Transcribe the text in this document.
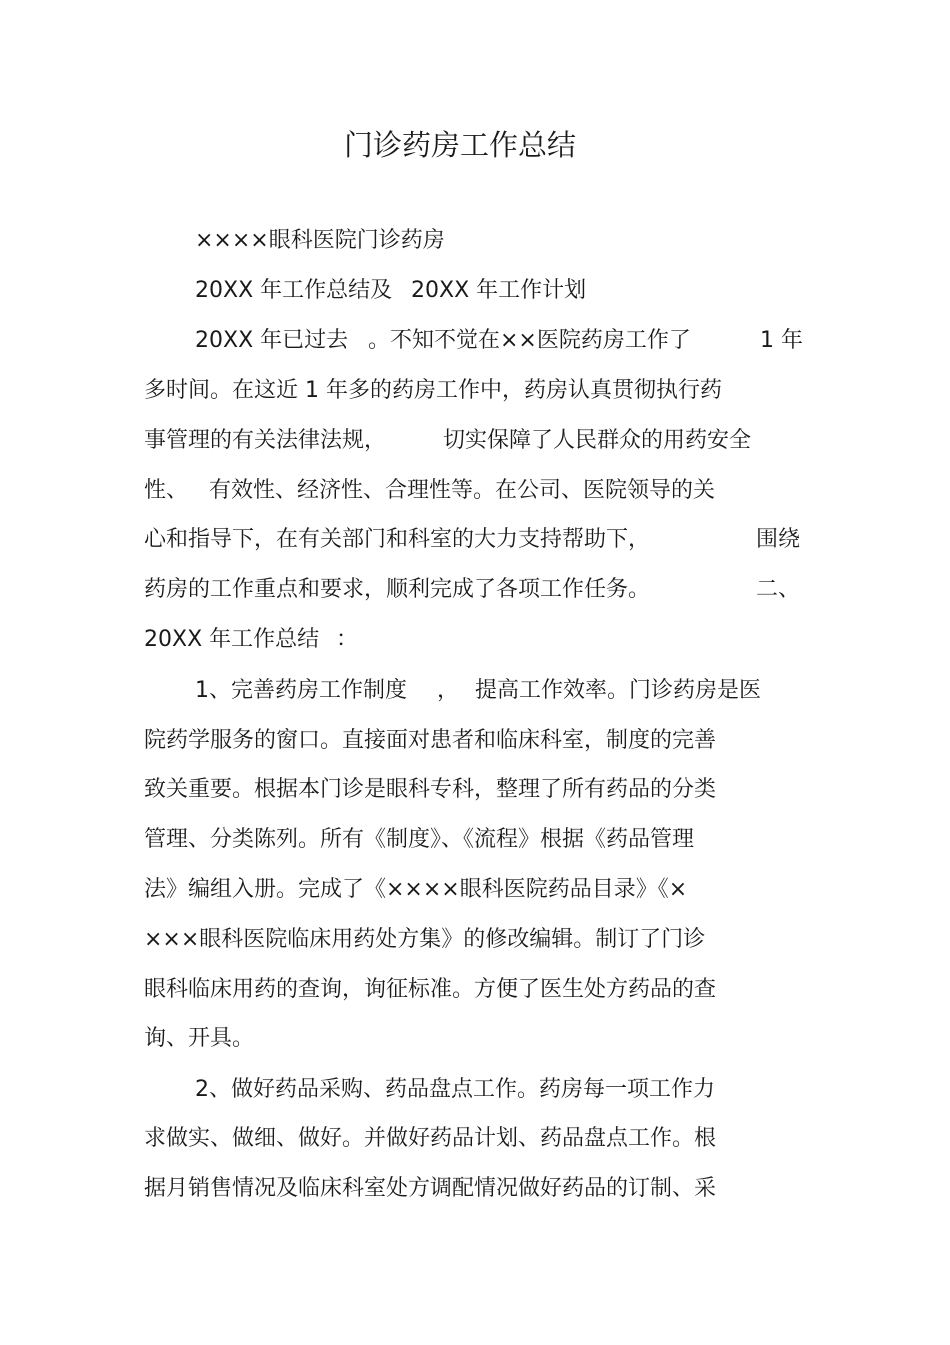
门诊药房工作总结
××××眼科医院门诊药房
20XX 年工作总结及 20XX 年工作计划
20XX 年已过去 。不知不觉在××医院药房工作了	1 年
多时间。在这近 1 年多的药房工作中，药房认真贯彻执行药
事管理的有关法律法规，	切实保障了人民群众的用药安全
性、 有效性、经济性、合理性等。在公司、医院领导的关
心和指导下，在有关部门和科室的大力支持帮助下，	围绕
药房的工作重点和要求，顺利完成了各项工作任务。	二、
20XX 年工作总结 ：
1、完善药房工作制度 ， 提高工作效率。门诊药房是医
院药学服务的窗口。直接面对患者和临床科室，制度的完善
致关重要。根据本门诊是眼科专科，整理了所有药品的分类
管理、分类陈列。所有《制度》、《流程》根据《药品管理
法》编组入册。完成了《××××眼科医院药品目录》《×
×××眼科医院临床用药处方集》的修改编辑。制订了门诊
眼科临床用药的查询，询征标准。方便了医生处方药品的查
询、开具。
2、做好药品采购、药品盘点工作。药房每一项工作力
求做实、做细、做好。并做好药品计划、药品盘点工作。根
据月销售情况及临床科室处方调配情况做好药品的订制、采
